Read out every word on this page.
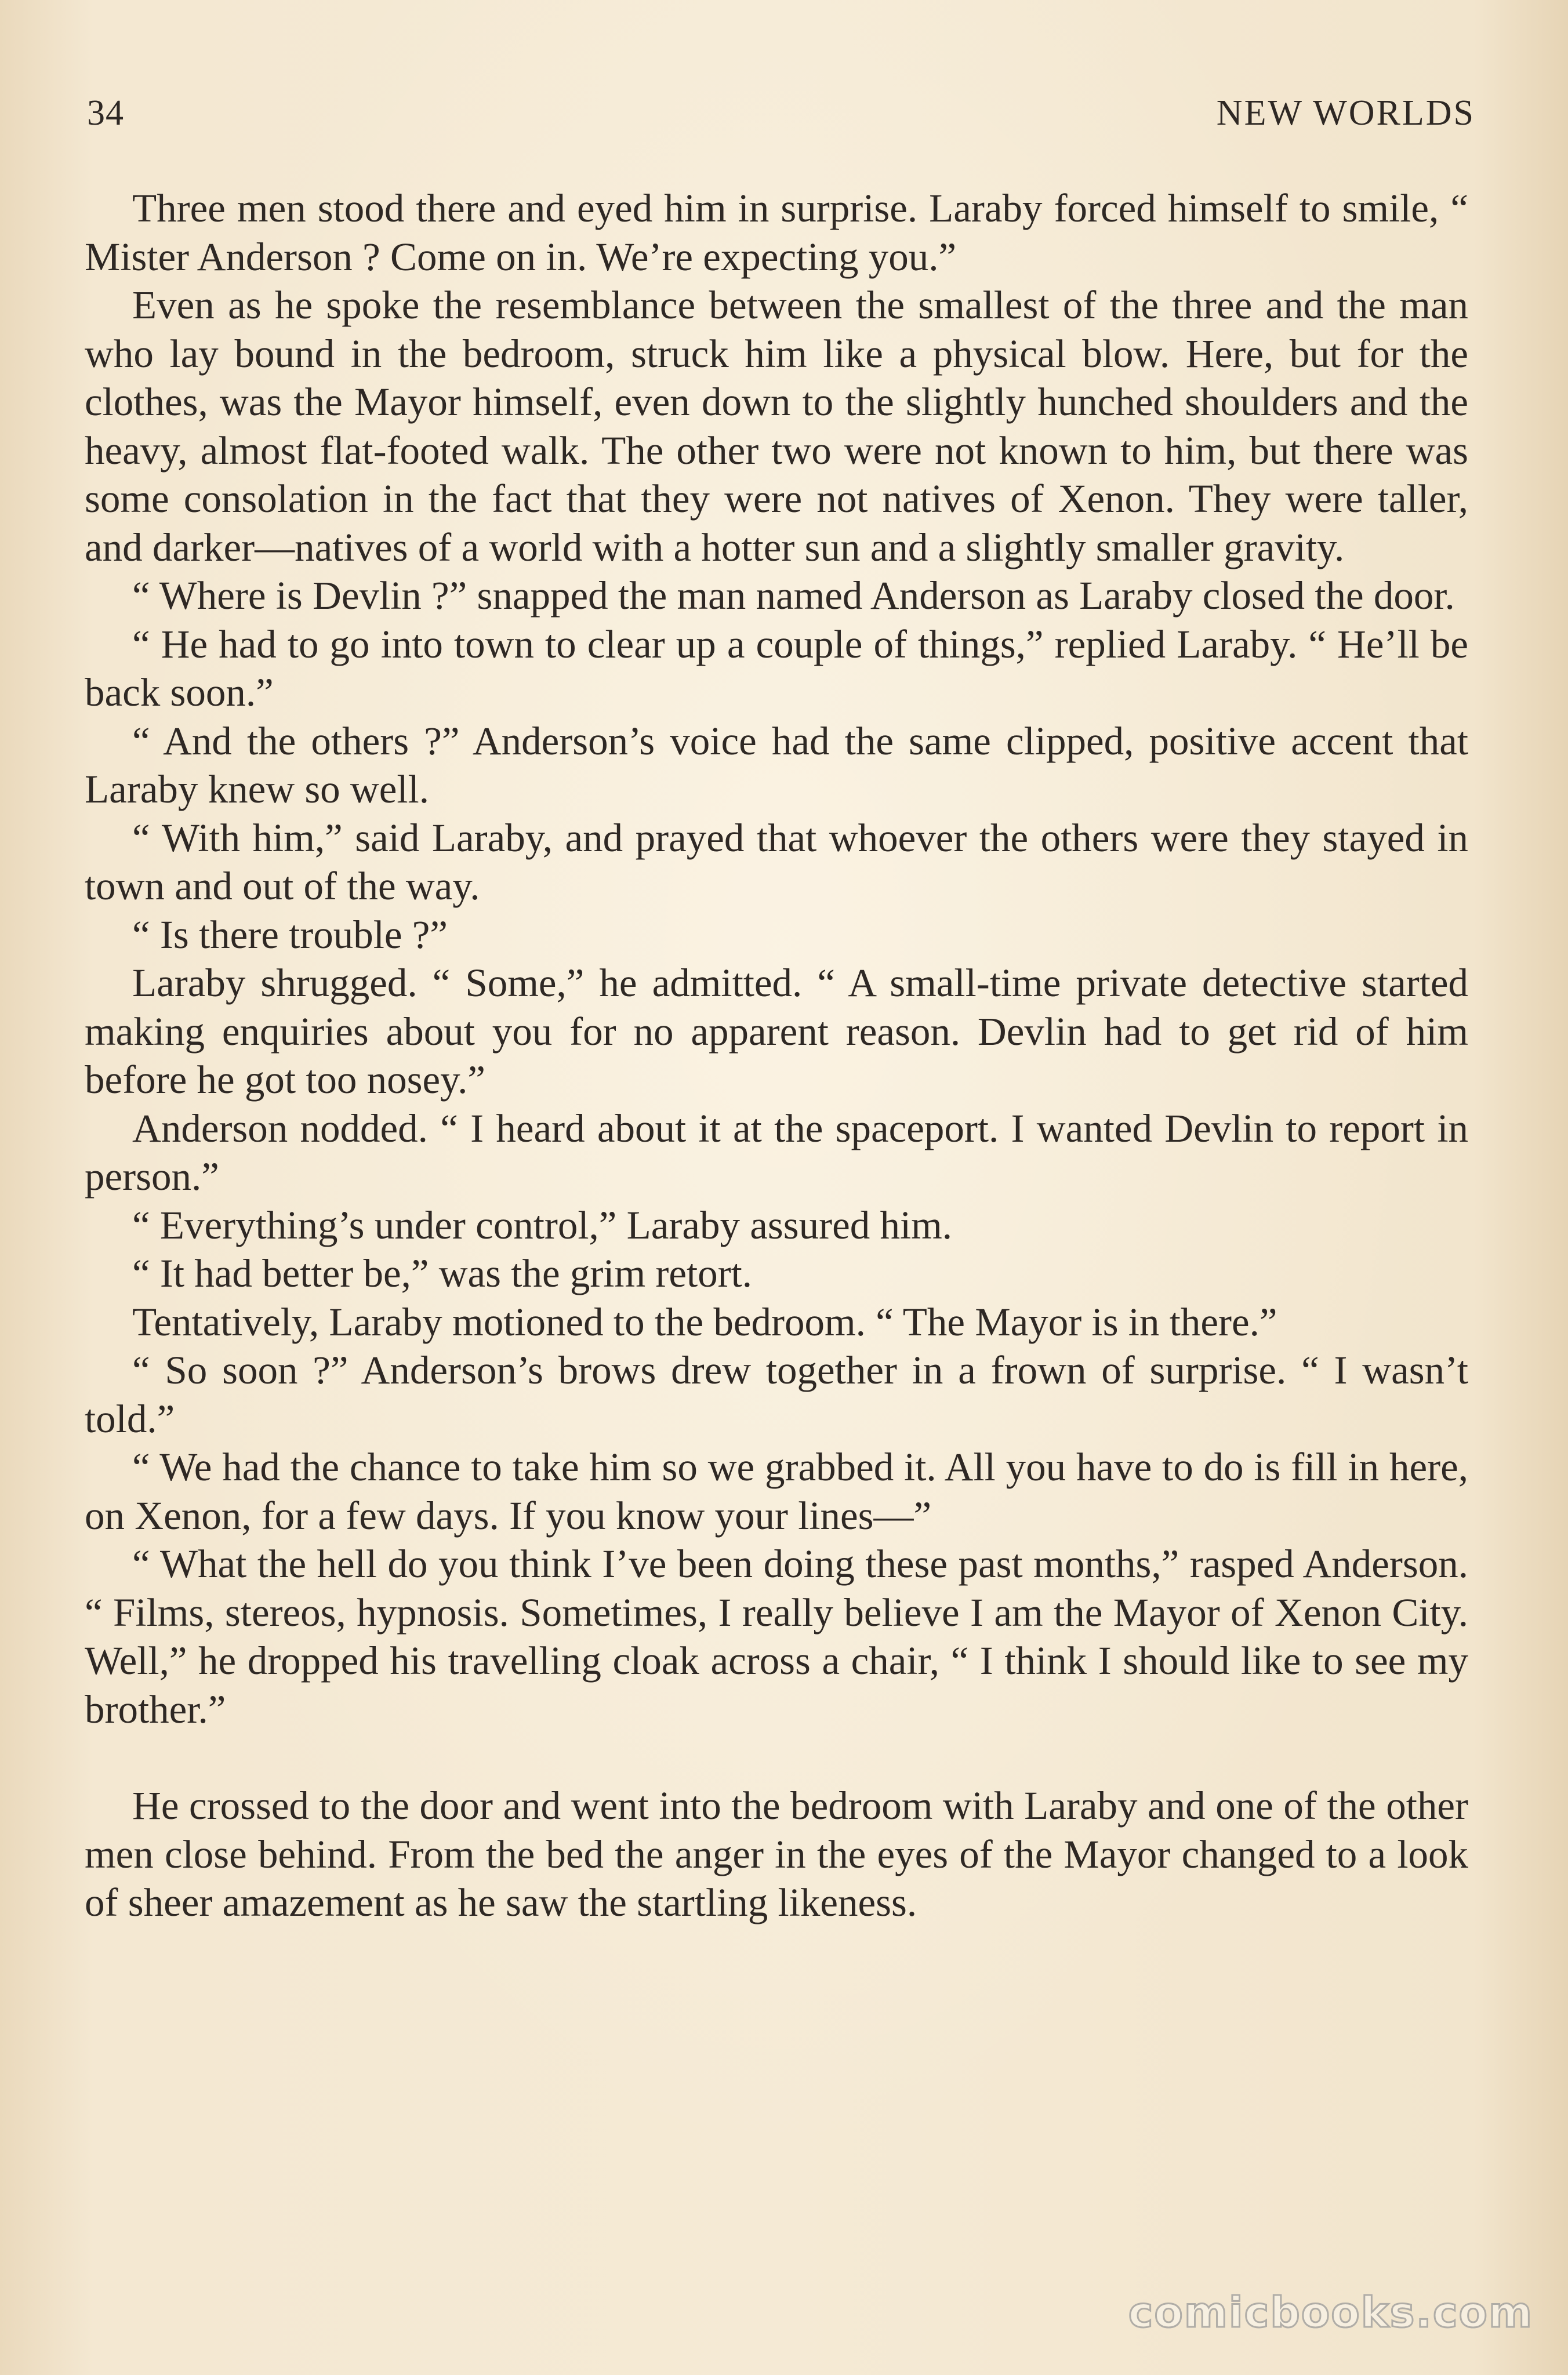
34	NEW WORLDS

Three men stood there and eyed him in surprise. Laraby forced himself to smile, “ Mister Anderson ? Come on in. We’re expecting you.”

Even as he spoke the resemblance between the smallest of the three and the man who lay bound in the bedroom, struck him like a physical blow. Here, but for the clothes, was the Mayor himself, even down to the slightly hunched shoulders and the heavy, almost flat-footed walk. The other two were not known to him, but there was some consolation in the fact that they were not natives of Xenon. They were taller, and darker—natives of a world with a hotter sun and a slightly smaller gravity.

“ Where is Devlin ?” snapped the man named Anderson as Laraby closed the door.

“ He had to go into town to clear up a couple of things,” replied Laraby. “ He’ll be back soon.”

“ And the others ?” Anderson’s voice had the same clipped, positive accent that Laraby knew so well.

“ With him,” said Laraby, and prayed that whoever the others were they stayed in town and out of the way.

“ Is there trouble ?”

Laraby shrugged. “ Some,” he admitted. “ A small-time private detective started making enquiries about you for no apparent reason. Devlin had to get rid of him before he got too nosey.”

Anderson nodded. “ I heard about it at the spaceport. I wanted Devlin to report in person.”

“ Everything’s under control,” Laraby assured him.

“ It had better be,” was the grim retort.

Tentatively, Laraby motioned to the bedroom. “ The Mayor is in there.”

“ So soon ?” Anderson’s brows drew together in a frown of surprise. “ I wasn’t told.”

“ We had the chance to take him so we grabbed it. All you have to do is fill in here, on Xenon, for a few days. If you know your lines—”

“ What the hell do you think I’ve been doing these past months,” rasped Anderson. “ Films, stereos, hypnosis. Sometimes, I really believe I am the Mayor of Xenon City. Well,” he dropped his travelling cloak across a chair, “ I think I should like to see my brother.”

He crossed to the door and went into the bedroom with Laraby and one of the other men close behind. From the bed the anger in the eyes of the Mayor changed to a look of sheer amazement as he saw the startling likeness.

comicbooks.com
